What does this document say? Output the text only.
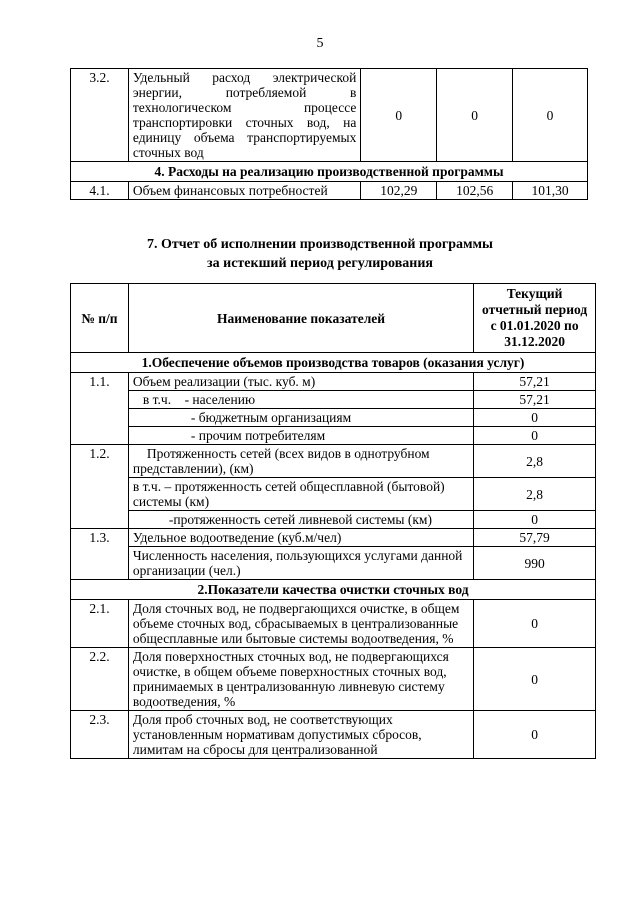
5
3.2.	Удельный расход электрической энергии, потребляемой в технологическом процессе транспортировки сточных вод, на единицу объема транспортируемых сточных вод	0	0	0
4. Расходы на реализацию производственной программы				
4.1.	Объем финансовых потребностей	102,29	102,56	101,30
7. Отчет об исполнении производственной программы
за истекший период регулирования
№ п/п	Наименование показателей	Текущий отчетный период с 01.01.2020 по 31.12.2020
1.Обеспечение объемов производства товаров (оказания услуг)		
1.1.	Объем реализации (тыс. куб. м)	57,21
	в т.ч.    - населению	57,21
	- бюджетным организациям	0
	- прочим потребителям	0
1.2.	Протяженность сетей (всех видов в однотрубном представлении), (км)	2,8
	в т.ч. – протяженность сетей общесплавной (бытовой) системы (км)	2,8
	-протяженность сетей ливневой системы (км)	0
1.3.	Удельное водоотведение (куб.м/чел)	57,79
	Численность населения, пользующихся услугами данной организации (чел.)	990
2.Показатели качества очистки сточных вод		
2.1.	Доля сточных вод, не подвергающихся очистке, в общем объеме сточных вод, сбрасываемых в централизованные общесплавные или бытовые системы водоотведения, %	0
2.2.	Доля поверхностных сточных вод, не подвергающихся очистке, в общем объеме поверхностных сточных вод, принимаемых в централизованную ливневую систему водоотведения, %	0
2.3.	Доля проб сточных вод, не соответствующих установленным нормативам допустимых сбросов, лимитам на сбросы для централизованной	0
